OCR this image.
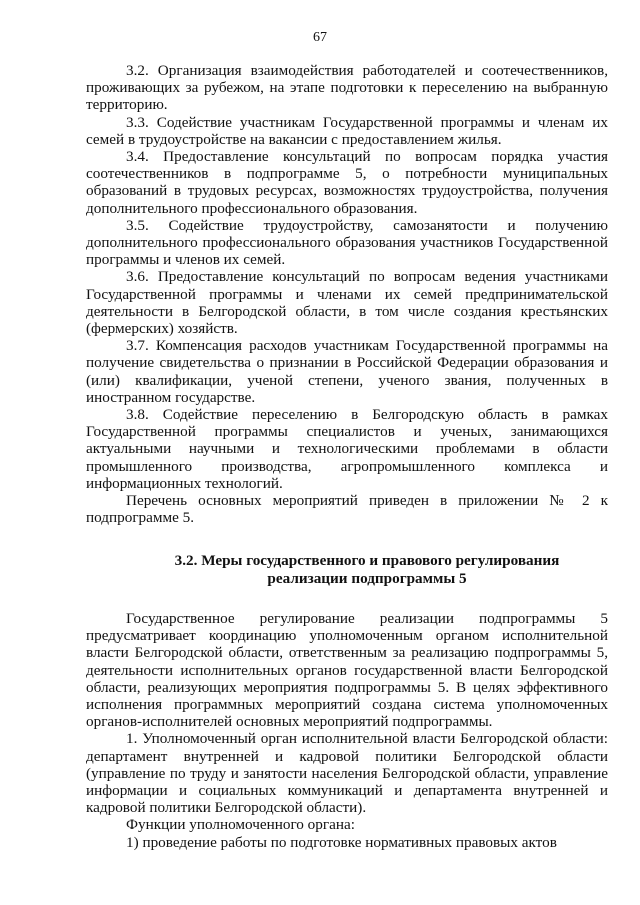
67

3.2. Организация взаимодействия работодателей и соотечественников, проживающих за рубежом, на этапе подготовки к переселению на выбранную территорию.

3.3. Содействие участникам Государственной программы и членам их семей в трудоустройстве на вакансии с предоставлением жилья.

3.4. Предоставление консультаций по вопросам порядка участия соотечественников в подпрограмме 5, о потребности муниципальных образований в трудовых ресурсах, возможностях трудоустройства, получения дополнительного профессионального образования.

3.5. Содействие трудоустройству, самозанятости и получению дополнительного профессионального образования участников Государственной программы и членов их семей.

3.6. Предоставление консультаций по вопросам ведения участниками Государственной программы и членами их семей предпринимательской деятельности в Белгородской области, в том числе создания крестьянских (фермерских) хозяйств.

3.7. Компенсация расходов участникам Государственной программы на получение свидетельства о признании в Российской Федерации образования и (или) квалификации, ученой степени, ученого звания, полученных в иностранном государстве.

3.8. Содействие переселению в Белгородскую область в рамках Государственной программы специалистов и ученых, занимающихся актуальными научными и технологическими проблемами в области промышленного производства, агропромышленного комплекса и информационных технологий.

Перечень основных мероприятий приведен в приложении № 2 к подпрограмме 5.

3.2. Меры государственного и правового регулирования
реализации подпрограммы 5

Государственное регулирование реализации подпрограммы 5 предусматривает координацию уполномоченным органом исполнительной власти Белгородской области, ответственным за реализацию подпрограммы 5, деятельности исполнительных органов государственной власти Белгородской области, реализующих мероприятия подпрограммы 5. В целях эффективного исполнения программных мероприятий создана система уполномоченных органов-исполнителей основных мероприятий подпрограммы.

1. Уполномоченный орган исполнительной власти Белгородской области: департамент внутренней и кадровой политики Белгородской области (управление по труду и занятости населения Белгородской области, управление информации и социальных коммуникаций и департамента внутренней и кадровой политики Белгородской области).

Функции уполномоченного органа:

1) проведение работы по подготовке нормативных правовых актов
